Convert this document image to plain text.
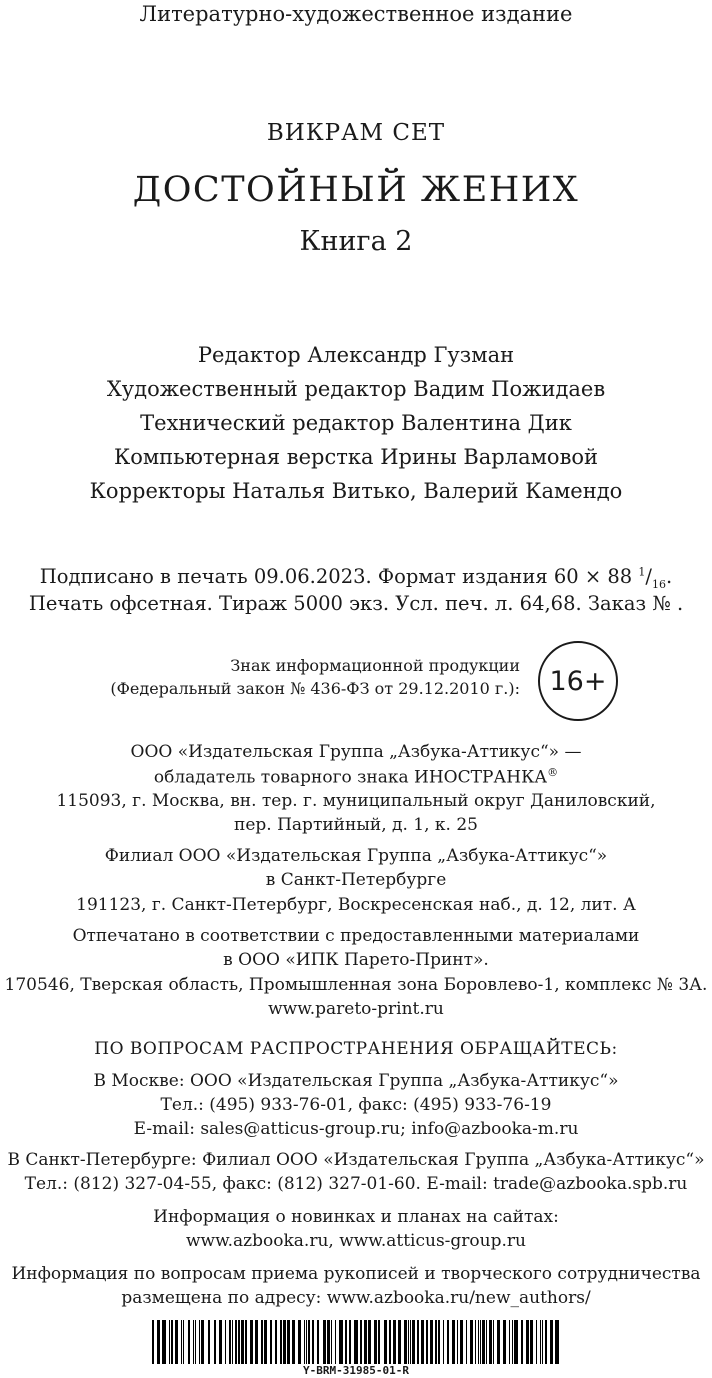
Литературно-художественное издание

ВИКРАМ СЕТ

ДОСТОЙНЫЙ ЖЕНИХ

Книга 2

Редактор Александр Гузман

Художественный редактор Вадим Пожидаев

Технический редактор Валентина Дик

Компьютерная верстка Ирины Варламовой

Корректоры Наталья Витько, Валерий Камендо

Подписано в печать 09.06.2023. Формат издания 60 × 88 $^1/_{16}$.

Печать офсетная. Тираж 5000 экз. Усл. печ. л. 64,68. Заказ № .

Знак информационной продукции
(Федеральный закон № 436-ФЗ от 29.12.2010 г.):	16+

ООО «Издательская Группа „Азбука-Аттикус“» —

обладатель товарного знака ИНОСТРАНКА®

115093, г. Москва, вн. тер. г. муниципальный округ Даниловский,

пер. Партийный, д. 1, к. 25

Филиал ООО «Издательская Группа „Азбука-Аттикус“»

в Санкт-Петербурге

191123, г. Санкт-Петербург, Воскресенская наб., д. 12, лит. А

Отпечатано в соответствии с предоставленными материалами

в ООО «ИПК Парето-Принт».

170546, Тверская область, Промышленная зона Боровлево-1, комплекс № 3А.

www.pareto-print.ru

ПО ВОПРОСАМ РАСПРОСТРАНЕНИЯ ОБРАЩАЙТЕСЬ:

В Москве: ООО «Издательская Группа „Азбука-Аттикус“»

Тел.: (495) 933-76-01, факс: (495) 933-76-19

E-mail: sales@atticus-group.ru; info@azbooka-m.ru

В Санкт-Петербурге: Филиал ООО «Издательская Группа „Азбука-Аттикус“»

Тел.: (812) 327-04-55, факс: (812) 327-01-60. E-mail: trade@azbooka.spb.ru

Информация о новинках и планах на сайтах:

www.azbooka.ru, www.atticus-group.ru

Информация по вопросам приема рукописей и творческого сотрудничества

размещена по адресу: www.azbooka.ru/new_authors/

Y-BRM-31985-01-R
